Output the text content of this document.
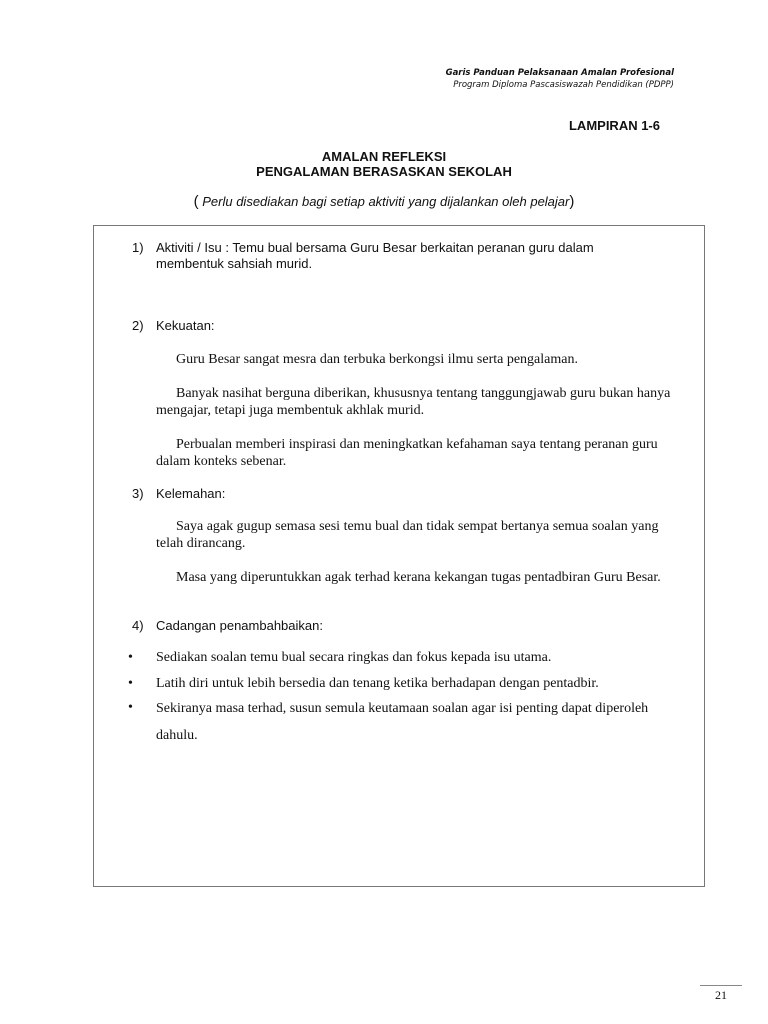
Garis Panduan Pelaksanaan Amalan Profesional
Program Diploma Pascasiswazah Pendidikan (PDPP)
LAMPIRAN 1-6
AMALAN REFLEKSI
PENGALAMAN BERASASKAN SEKOLAH
( Perlu disediakan bagi setiap aktiviti yang dijalankan oleh pelajar)
1) Aktiviti / Isu : Temu bual bersama Guru Besar berkaitan peranan guru dalam membentuk sahsiah murid.
2) Kekuatan:
Guru Besar sangat mesra dan terbuka berkongsi ilmu serta pengalaman.
Banyak nasihat berguna diberikan, khususnya tentang tanggungjawab guru bukan hanya mengajar, tetapi juga membentuk akhlak murid.
Perbualan memberi inspirasi dan meningkatkan kefahaman saya tentang peranan guru dalam konteks sebenar.
3) Kelemahan:
Saya agak gugup semasa sesi temu bual dan tidak sempat bertanya semua soalan yang telah dirancang.
Masa yang diperuntukkan agak terhad kerana kekangan tugas pentadbiran Guru Besar.
4) Cadangan penambahbaikan:
• Sediakan soalan temu bual secara ringkas dan fokus kepada isu utama.
• Latih diri untuk lebih bersedia dan tenang ketika berhadapan dengan pentadbir.
• Sekiranya masa terhad, susun semula keutamaan soalan agar isi penting dapat diperoleh dahulu.
21
